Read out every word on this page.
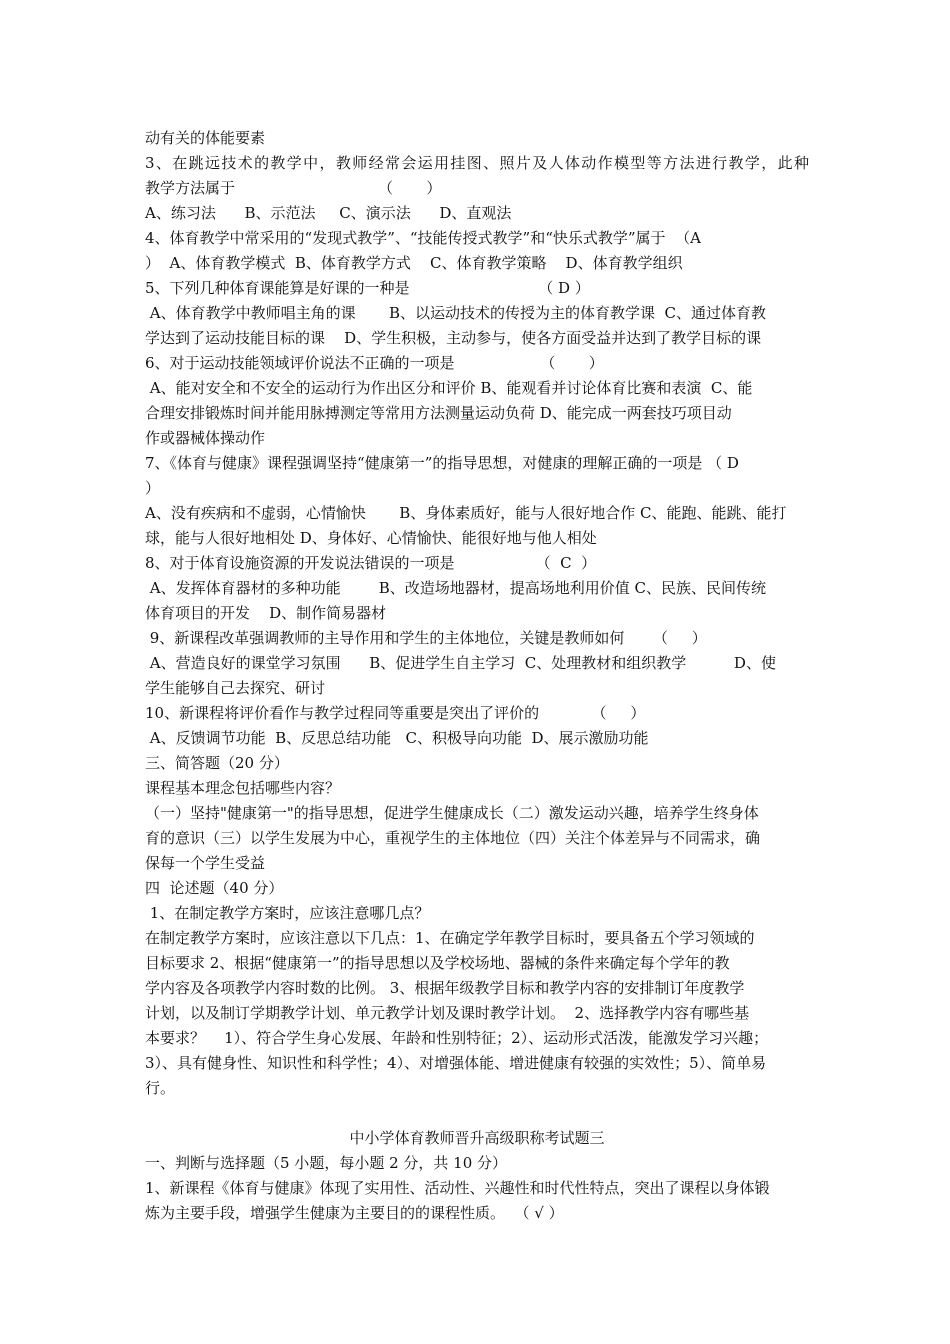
动有关的体能要素
3、在跳远技术的教学中，教师经常会运用挂图、照片及人体动作模型等方法进行教学，此种
教学方法属于                              （       ）
A、练习法      B、示范法     C、演示法      D、直观法
4、体育教学中常采用的“发现式教学”、“技能传授式教学”和“快乐式教学”属于  （A
）  A、体育教学模式  B、体育教学方式    C、体育教学策略    D、体育教学组织
5、下列几种体育课能算是好课的一种是                           （ D ）
A、体育教学中教师唱主角的课       B、以运动技术的传授为主的体育教学课  C、通过体育教
学达到了运动技能目标的课    D、学生积极，主动参与，使各方面受益并达到了教学目标的课
6、对于运动技能领域评价说法不正确的一项是                  （       ）
A、能对安全和不安全的运动行为作出区分和评价 B、能观看并讨论体育比赛和表演  C、能
合理安排锻炼时间并能用脉搏测定等常用方法测量运动负荷 D、能完成一两套技巧项目动
作或器械体操动作
7、《体育与健康》课程强调坚持“健康第一”的指导思想，对健康的理解正确的一项是 （ D
）
A、没有疾病和不虚弱，心情愉快       B、身体素质好，能与人很好地合作 C、能跑、能跳、能打
球，能与人很好地相处 D、身体好、心情愉快、能很好地与他人相处
8、对于体育设施资源的开发说法错误的一项是                 （  C  ）
A、发挥体育器材的多种功能        B、改造场地器材，提高场地利用价值 C、民族、民间传统
体育项目的开发    D、制作简易器材
9、新课程改革强调教师的主导作用和学生的主体地位，关键是教师如何      （     ）
A、营造良好的课堂学习氛围      B、促进学生自主学习  C、处理教材和组织教学          D、使
学生能够自己去探究、研讨
10、新课程将评价看作与教学过程同等重要是突出了评价的           （     ）
A、反馈调节功能  B、反思总结功能   C、积极导向功能  D、展示激励功能
三、简答题（20 分）
课程基本理念包括哪些内容？
（一）坚持"健康第一"的指导思想，促进学生健康成长（二）激发运动兴趣，培养学生终身体
育的意识（三）以学生发展为中心，重视学生的主体地位（四）关注个体差异与不同需求，确
保每一个学生受益
四  论述题（40 分）
1、在制定教学方案时，应该注意哪几点？
在制定教学方案时，应该注意以下几点：1、在确定学年教学目标时，要具备五个学习领域的
目标要求 2、根据“健康第一”的指导思想以及学校场地、器械的条件来确定每个学年的教
学内容及各项教学内容时数的比例。 3、根据年级教学目标和教学内容的安排制订年度教学
计划，以及制订学期教学计划、单元教学计划及课时教学计划。  2、选择教学内容有哪些基
本要求？    1）、符合学生身心发展、年龄和性别特征；2）、运动形式活泼，能激发学习兴趣；
3）、具有健身性、知识性和科学性；4）、对增强体能、增进健康有较强的实效性；5）、简单易
行。
中小学体育教师晋升高级职称考试题三
一、判断与选择题（5 小题，每小题 2 分，共 10 分）
1、新课程《体育与健康》体现了实用性、活动性、兴趣性和时代性特点，突出了课程以身体锻
炼为主要手段，增强学生健康为主要目的的课程性质。  （ √ ）
